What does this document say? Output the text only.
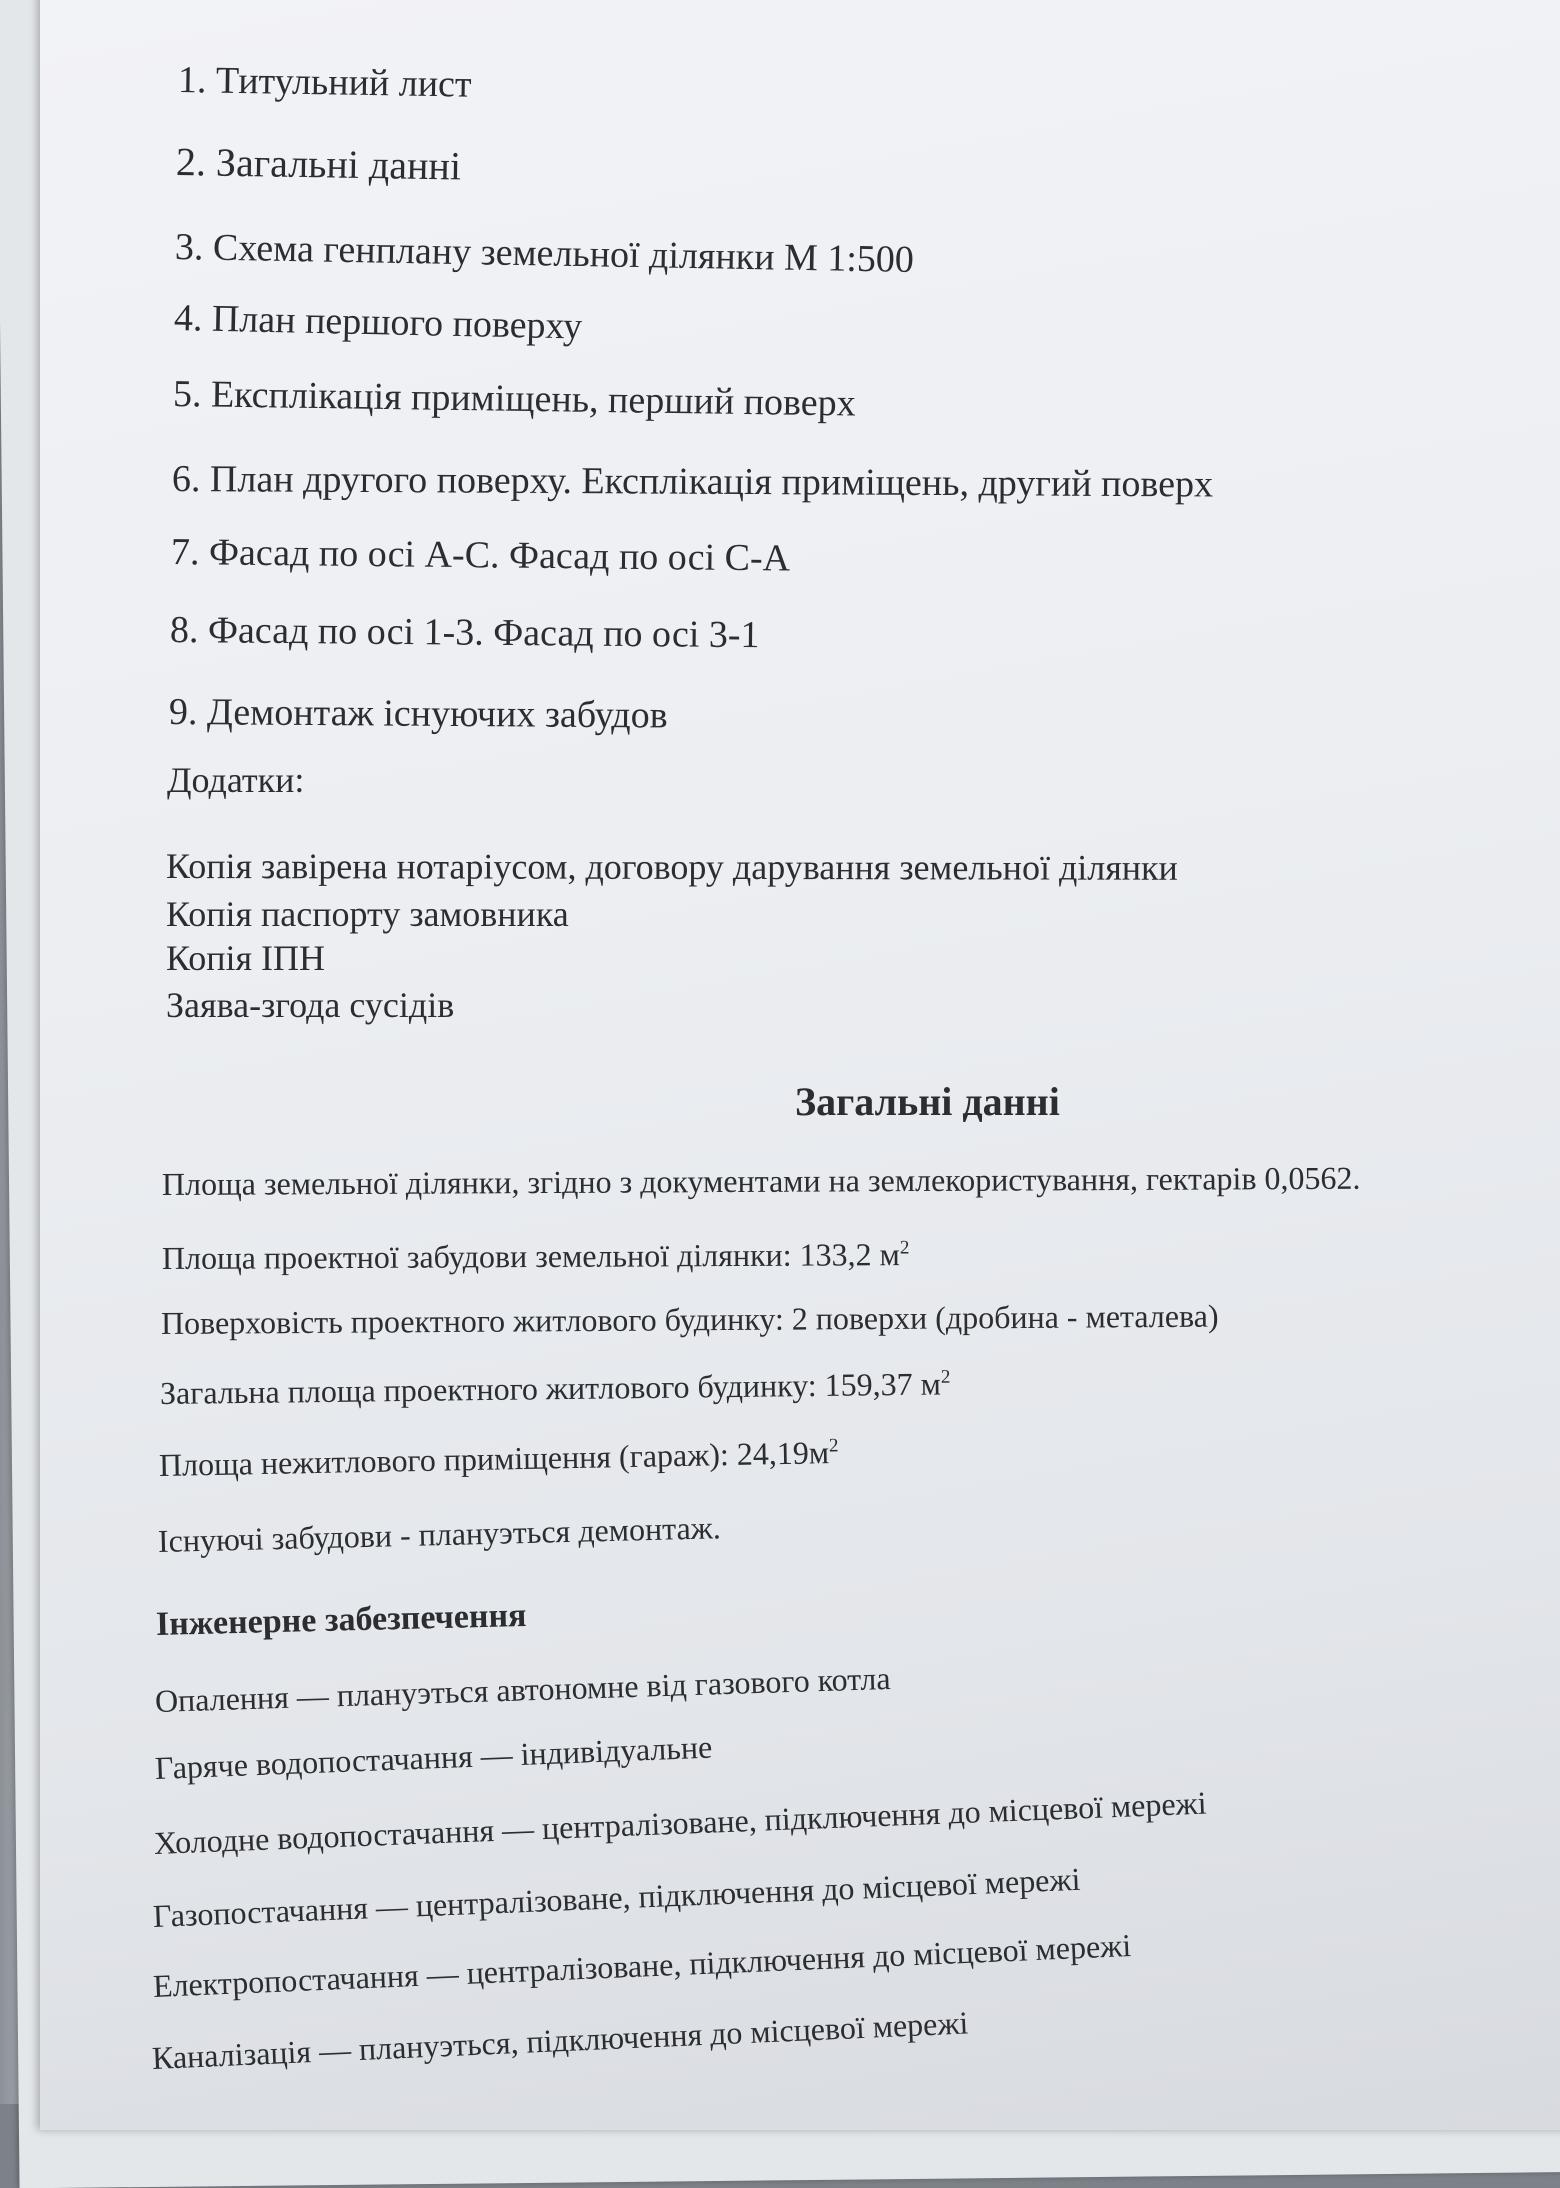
1. Титульний лист

2. Загальні данні

3. Схема генплану земельної ділянки М 1:500

4. План першого поверху

5. Експлікація приміщень, перший поверх

6. План другого поверху. Експлікація приміщень, другий поверх

7. Фасад по осі А-С. Фасад по осі С-А

8. Фасад по осі 1-3. Фасад по осі 3-1

9. Демонтаж існуючих забудов

Додатки:

Копія завірена нотаріусом, договору дарування земельної ділянки

Копія паспорту замовника

Копія ІПН

Заява-згода сусідів

Загальні данні

Площа земельної ділянки, згідно з документами на землекористування, гектарів 0,0562.

Площа проектної забудови земельної ділянки: 133,2 $м^2$

Поверховість проектного житлового будинку: 2 поверхи (дробина - металева)

Загальна площа проектного житлового будинку: 159,37 $м^2$

Площа нежитлового приміщення (гараж): $24,19м^2$

Існуючі забудови - плануэться демонтаж.

Інженерне забезпечення

Опалення — плануэться автономне від газового котла

Гаряче водопостачання — індивідуальне

Холодне водопостачання — централізоване, підключення до місцевої мережі

Газопостачання — централізоване, підключення до місцевої мережі

Електропостачання — централізоване, підключення до місцевої мережі

Каналізація — плануэться, підключення до місцевої мережі
